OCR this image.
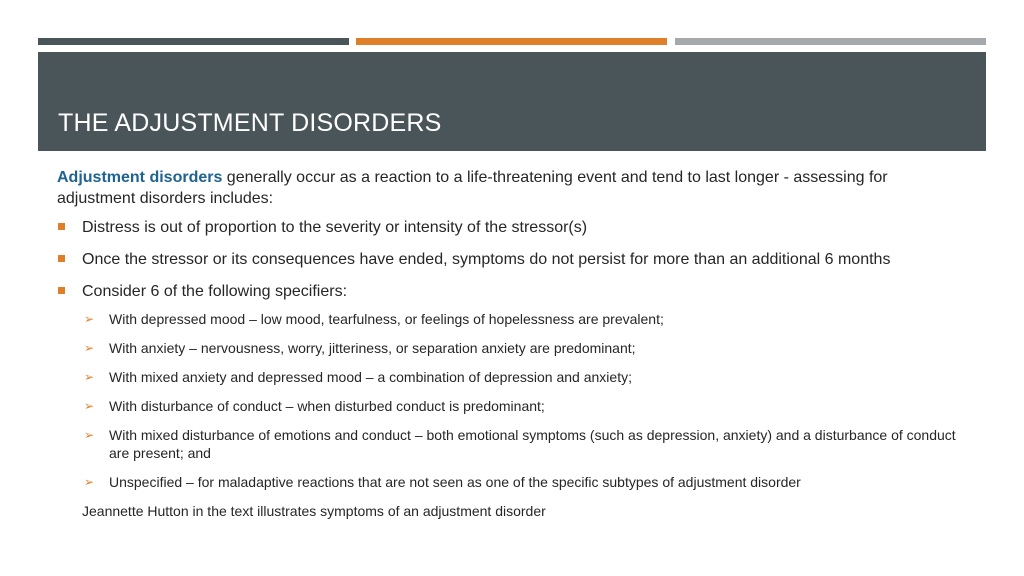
THE ADJUSTMENT DISORDERS

Adjustment disorders generally occur as a reaction to a life-threatening event and tend to last longer - assessing for adjustment disorders includes:

Distress is out of proportion to the severity or intensity of the stressor(s)
Once the stressor or its consequences have ended, symptoms do not persist for more than an additional 6 months
Consider 6 of the following specifiers:
➢ With depressed mood – low mood, tearfulness, or feelings of hopelessness are prevalent;
➢ With anxiety – nervousness, worry, jitteriness, or separation anxiety are predominant;
➢ With mixed anxiety and depressed mood – a combination of depression and anxiety;
➢ With disturbance of conduct – when disturbed conduct is predominant;
➢ With mixed disturbance of emotions and conduct – both emotional symptoms (such as depression, anxiety) and a disturbance of conduct are present; and
➢ Unspecified – for maladaptive reactions that are not seen as one of the specific subtypes of adjustment disorder

Jeannette Hutton in the text illustrates symptoms of an adjustment disorder
